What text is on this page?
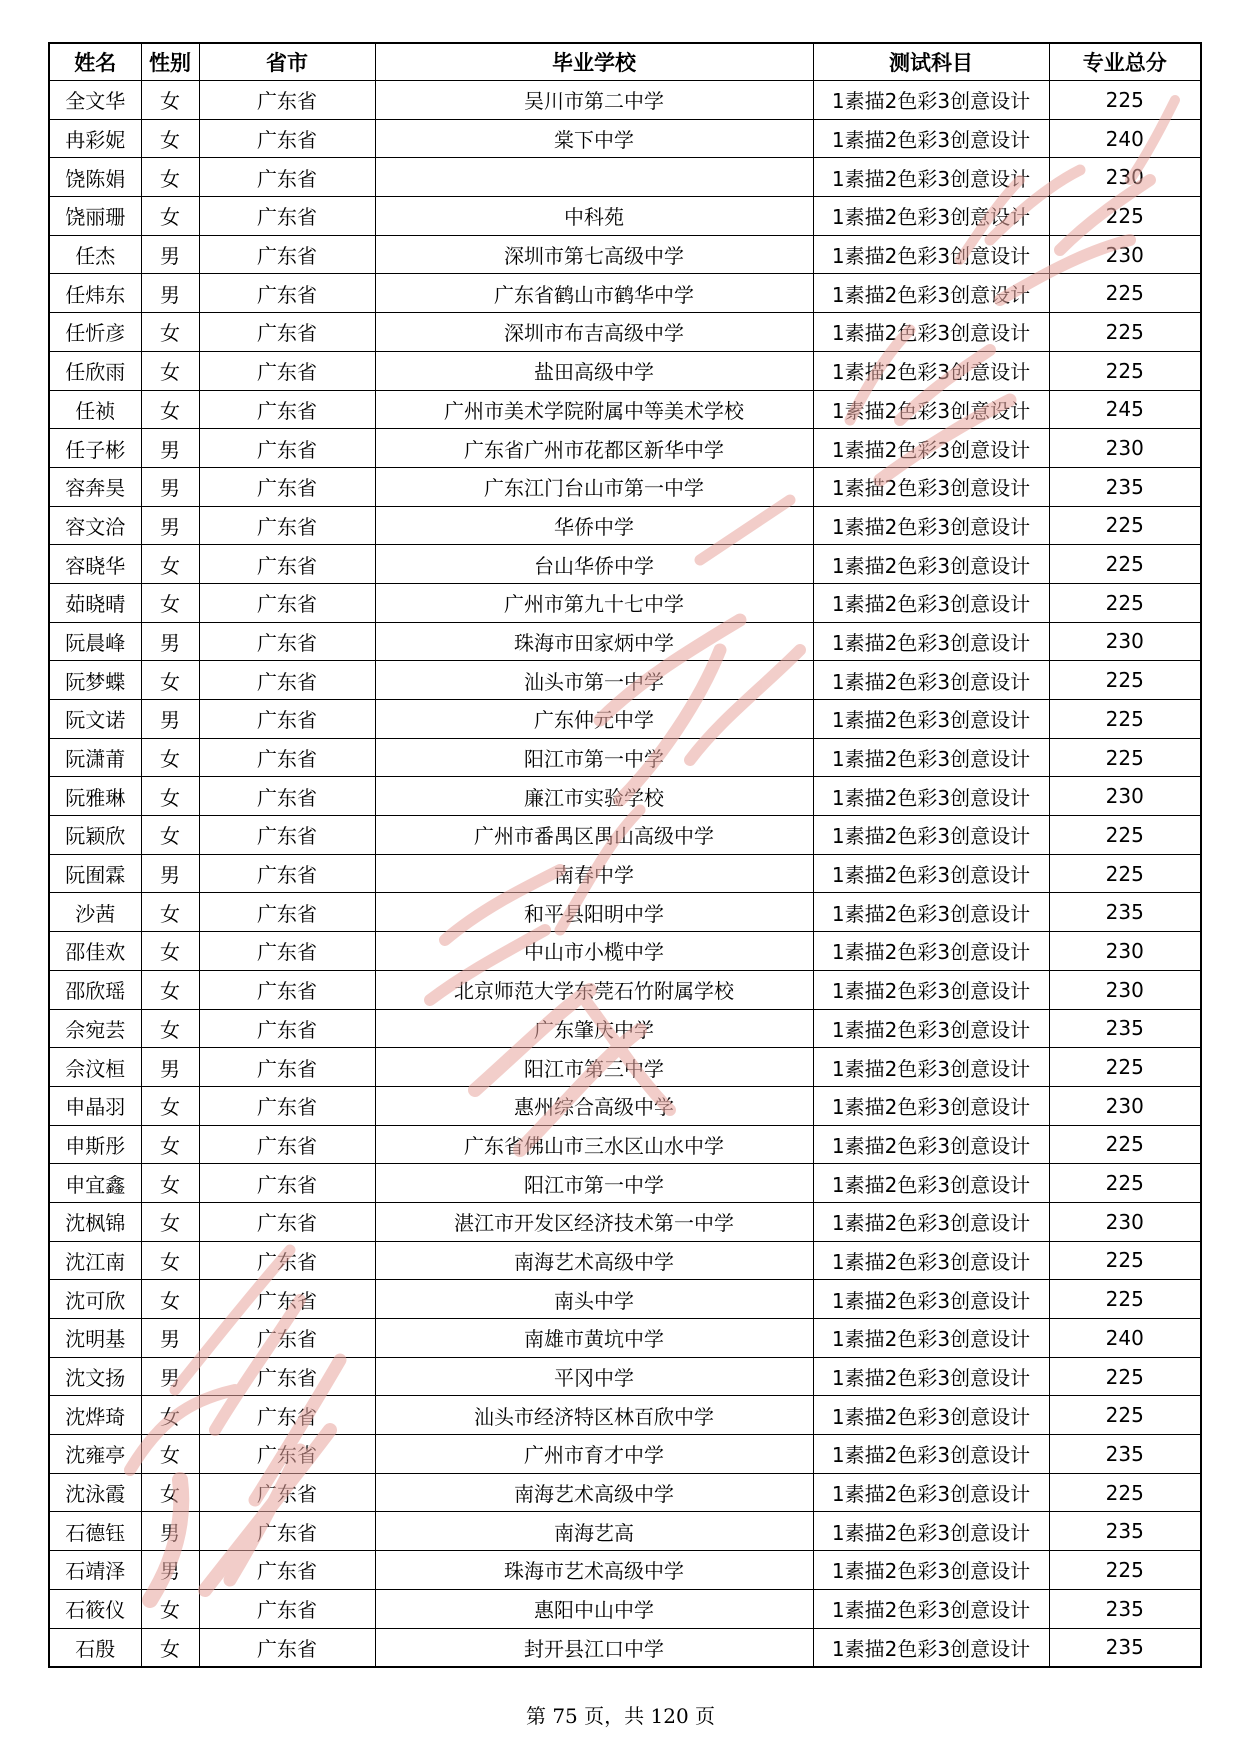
姓名	性别	省市	毕业学校	测试科目	专业总分
全文华	女	广东省	吴川市第二中学	1素描2色彩3创意设计	225
冉彩妮	女	广东省	棠下中学	1素描2色彩3创意设计	240
饶陈娟	女	广东省		1素描2色彩3创意设计	230
饶丽珊	女	广东省	中科苑	1素描2色彩3创意设计	225
任杰	男	广东省	深圳市第七高级中学	1素描2色彩3创意设计	230
任炜东	男	广东省	广东省鹤山市鹤华中学	1素描2色彩3创意设计	225
任忻彦	女	广东省	深圳市布吉高级中学	1素描2色彩3创意设计	225
任欣雨	女	广东省	盐田高级中学	1素描2色彩3创意设计	225
任祯	女	广东省	广州市美术学院附属中等美术学校	1素描2色彩3创意设计	245
任子彬	男	广东省	广东省广州市花都区新华中学	1素描2色彩3创意设计	230
容奔昊	男	广东省	广东江门台山市第一中学	1素描2色彩3创意设计	235
容文洽	男	广东省	华侨中学	1素描2色彩3创意设计	225
容晓华	女	广东省	台山华侨中学	1素描2色彩3创意设计	225
茹晓晴	女	广东省	广州市第九十七中学	1素描2色彩3创意设计	225
阮晨峰	男	广东省	珠海市田家炳中学	1素描2色彩3创意设计	230
阮梦蝶	女	广东省	汕头市第一中学	1素描2色彩3创意设计	225
阮文诺	男	广东省	广东仲元中学	1素描2色彩3创意设计	225
阮潇莆	女	广东省	阳江市第一中学	1素描2色彩3创意设计	225
阮雅琳	女	广东省	廉江市实验学校	1素描2色彩3创意设计	230
阮颖欣	女	广东省	广州市番禺区禺山高级中学	1素描2色彩3创意设计	225
阮囿霖	男	广东省	南春中学	1素描2色彩3创意设计	225
沙茜	女	广东省	和平县阳明中学	1素描2色彩3创意设计	235
邵佳欢	女	广东省	中山市小榄中学	1素描2色彩3创意设计	230
邵欣瑶	女	广东省	北京师范大学东莞石竹附属学校	1素描2色彩3创意设计	230
佘宛芸	女	广东省	广东肇庆中学	1素描2色彩3创意设计	235
佘汶桓	男	广东省	阳江市第三中学	1素描2色彩3创意设计	225
申晶羽	女	广东省	惠州综合高级中学	1素描2色彩3创意设计	230
申斯彤	女	广东省	广东省佛山市三水区山水中学	1素描2色彩3创意设计	225
申宜鑫	女	广东省	阳江市第一中学	1素描2色彩3创意设计	225
沈枫锦	女	广东省	湛江市开发区经济技术第一中学	1素描2色彩3创意设计	230
沈江南	女	广东省	南海艺术高级中学	1素描2色彩3创意设计	225
沈可欣	女	广东省	南头中学	1素描2色彩3创意设计	225
沈明基	男	广东省	南雄市黄坑中学	1素描2色彩3创意设计	240
沈文扬	男	广东省	平冈中学	1素描2色彩3创意设计	225
沈烨琦	女	广东省	汕头市经济特区林百欣中学	1素描2色彩3创意设计	225
沈雍亭	女	广东省	广州市育才中学	1素描2色彩3创意设计	235
沈泳霞	女	广东省	南海艺术高级中学	1素描2色彩3创意设计	225
石德钰	男	广东省	南海艺高	1素描2色彩3创意设计	235
石靖泽	男	广东省	珠海市艺术高级中学	1素描2色彩3创意设计	225
石筱仪	女	广东省	惠阳中山中学	1素描2色彩3创意设计	235
石殷	女	广东省	封开县江口中学	1素描2色彩3创意设计	235
第 75 页，共 120 页
